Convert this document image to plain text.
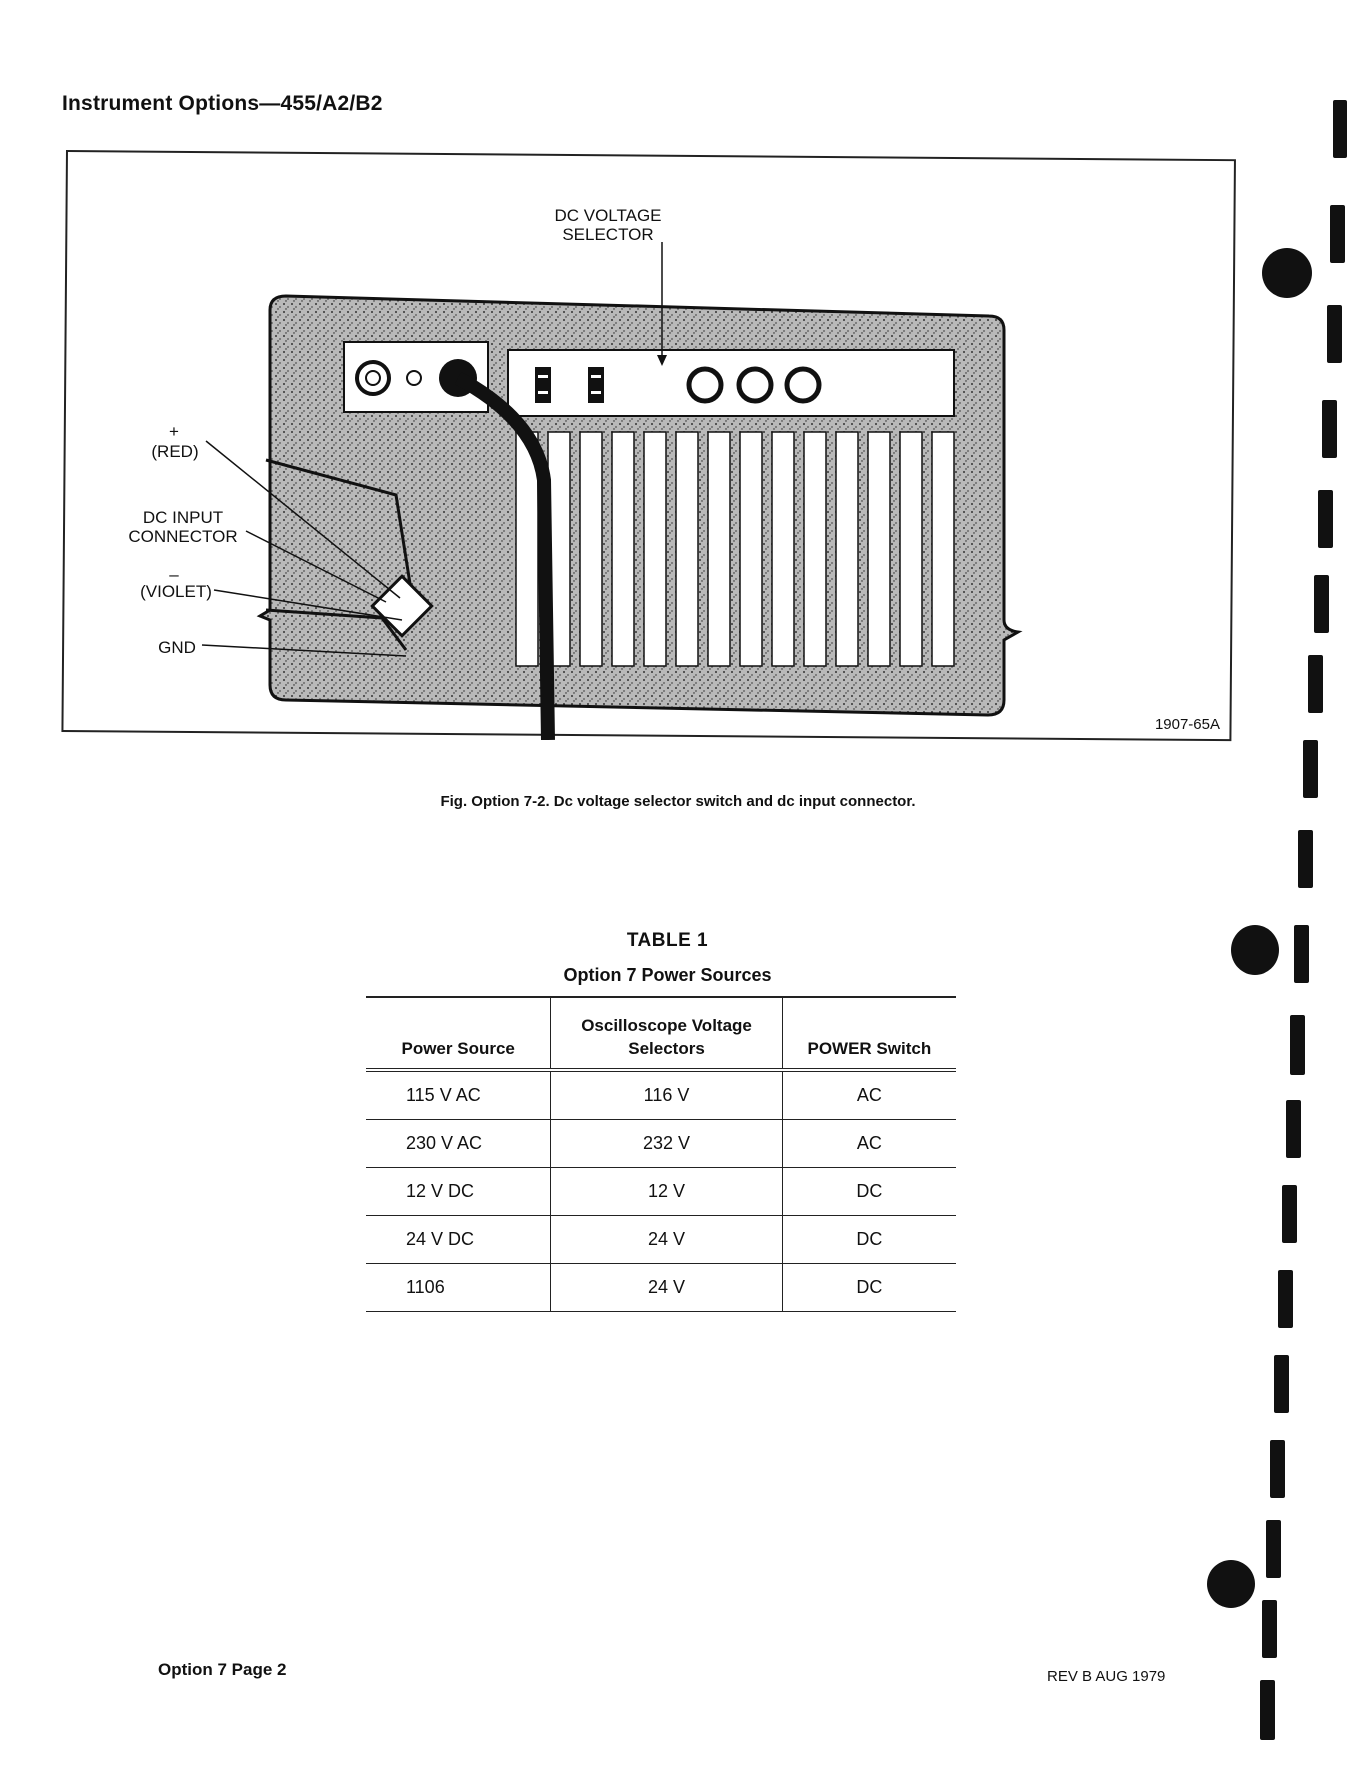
Instrument Options—455/A2/B2
DC VOLTAGE
SELECTOR
+
(RED)
DC INPUT
CONNECTOR
–
(VIOLET)
GND
1907-65A
Fig. Option 7-2. Dc voltage selector switch and dc input connector.
TABLE 1
Option 7 Power Sources
Power Source	Oscilloscope Voltage Selectors	POWER Switch
115 V AC	116 V	AC
230 V AC	232 V	AC
12 V DC	12 V	DC
24 V DC	24 V	DC
1106	24 V	DC
Option 7 Page 2	REV B AUG 1979
